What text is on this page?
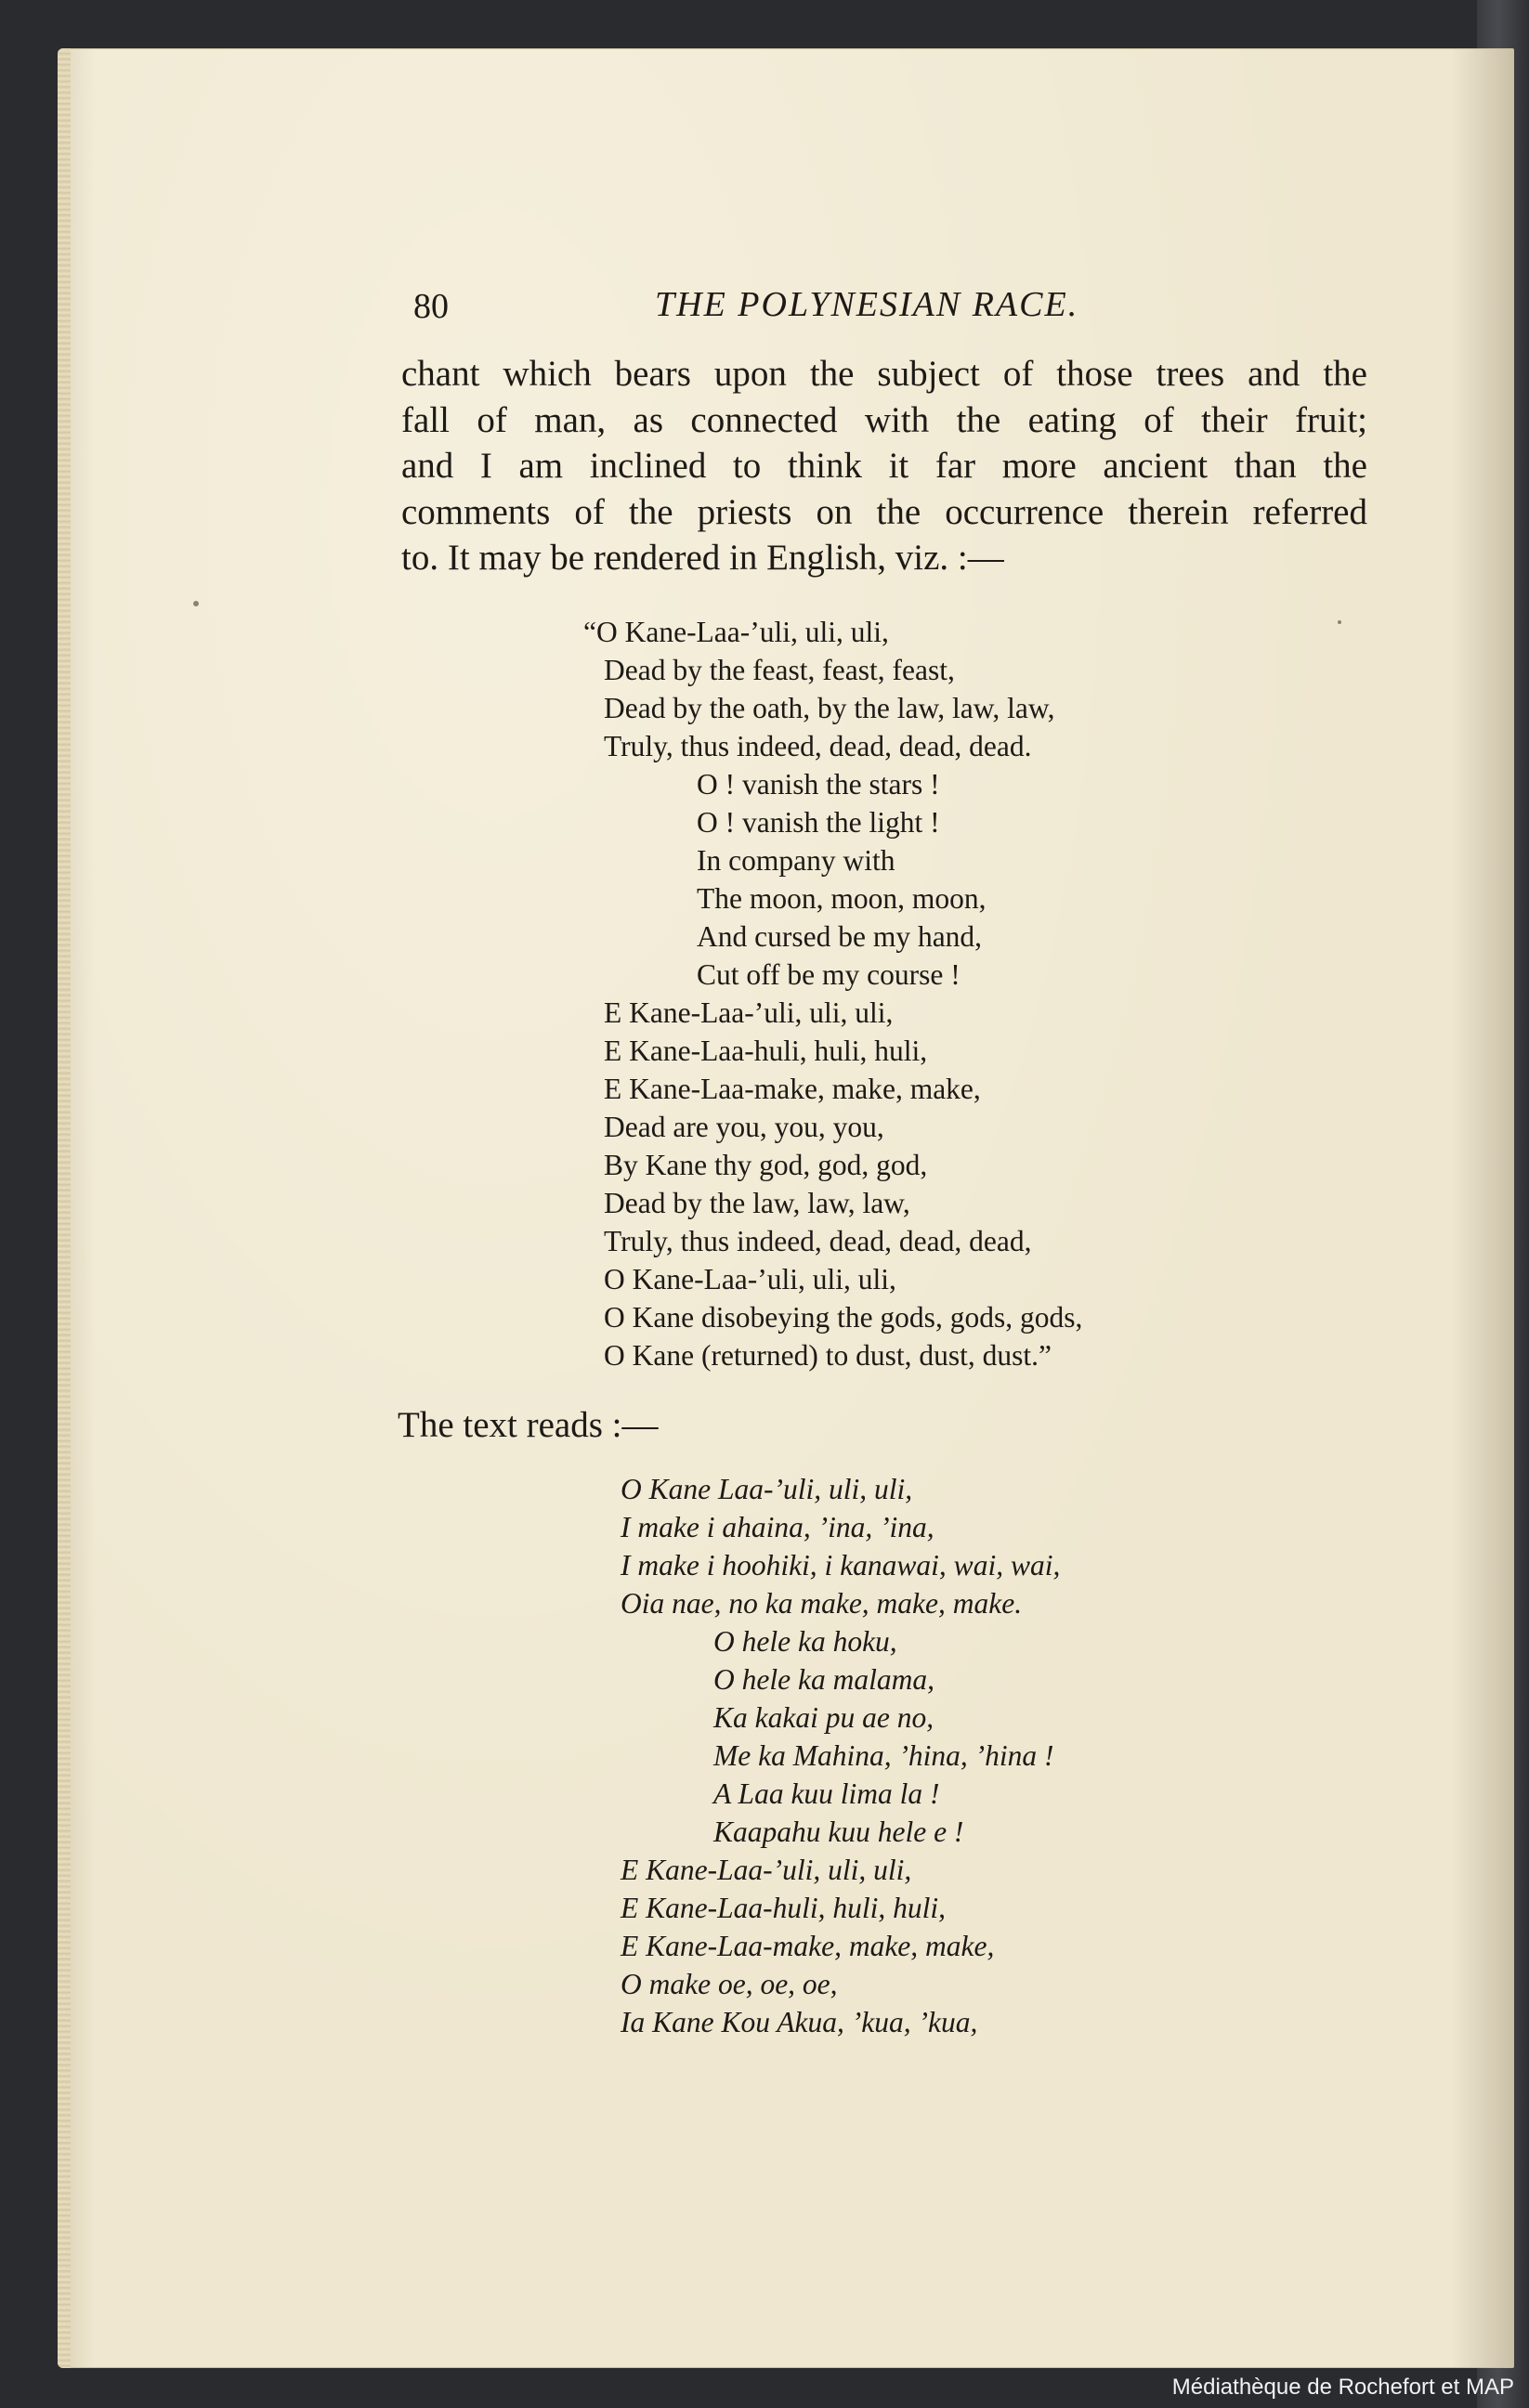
80	THE POLYNESIAN RACE.
chant which bears upon the subject of those trees and the
fall of man, as connected with the eating of their fruit;
and I am inclined to think it far more ancient than the
comments of the priests on the occurrence therein referred
to. It may be rendered in English, viz. :—
“O Kane-Laa-’uli, uli, uli,
Dead by the feast, feast, feast,
Dead by the oath, by the law, law, law,
Truly, thus indeed, dead, dead, dead.
O ! vanish the stars !
O ! vanish the light !
In company with
The moon, moon, moon,
And cursed be my hand,
Cut off be my course !
E Kane-Laa-’uli, uli, uli,
E Kane-Laa-huli, huli, huli,
E Kane-Laa-make, make, make,
Dead are you, you, you,
By Kane thy god, god, god,
Dead by the law, law, law,
Truly, thus indeed, dead, dead, dead,
O Kane-Laa-’uli, uli, uli,
O Kane disobeying the gods, gods, gods,
O Kane (returned) to dust, dust, dust.”
The text reads :—
O Kane Laa-’uli, uli, uli,
I make i ahaina, ’ina, ’ina,
I make i hoohiki, i kanawai, wai, wai,
Oia nae, no ka make, make, make.
O hele ka hoku,
O hele ka malama,
Ka kakai pu ae no,
Me ka Mahina, ’hina, ’hina !
A Laa kuu lima la !
Kaapahu kuu hele e !
E Kane-Laa-’uli, uli, uli,
E Kane-Laa-huli, huli, huli,
E Kane-Laa-make, make, make,
O make oe, oe, oe,
Ia Kane Kou Akua, ’kua, ’kua,
Médiathèque de Rochefort et MAP
